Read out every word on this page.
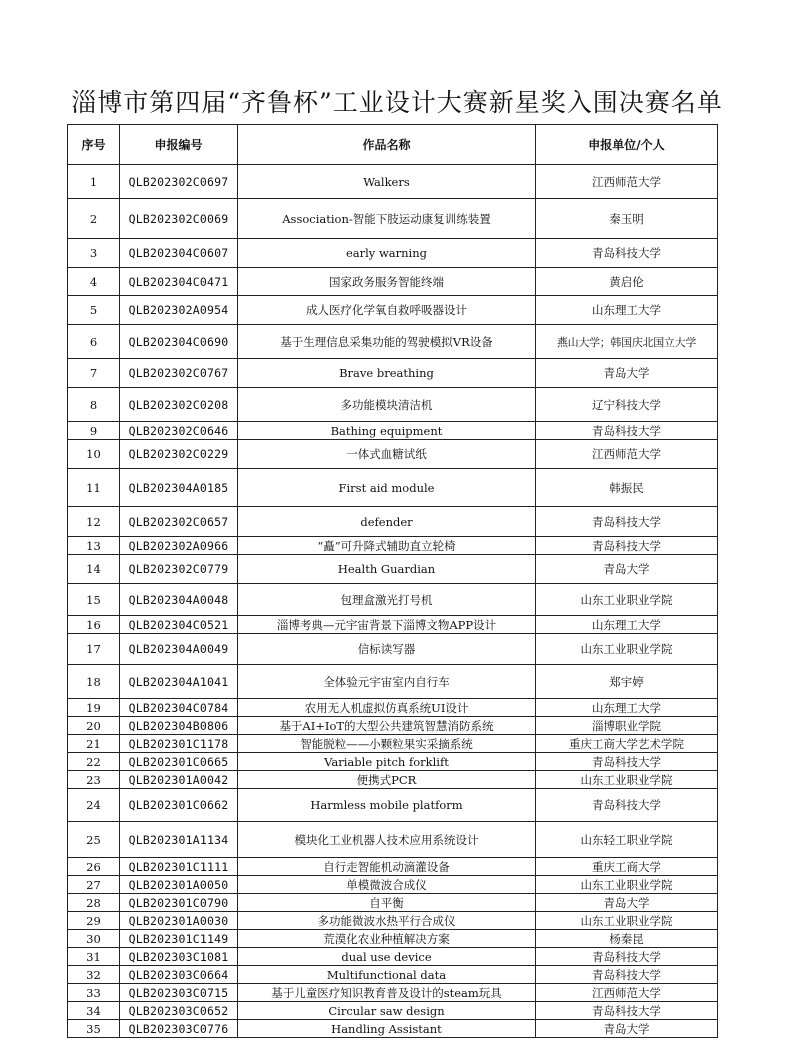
淄博市第四届“齐鲁杯”工业设计大赛新星奖入围决赛名单
序号	申报编号	作品名称	申报单位/个人
1	QLB202302C0697	Walkers	江西师范大学
2	QLB202302C0069	Association-智能下肢运动康复训练装置	秦玉明
3	QLB202304C0607	early warning	青岛科技大学
4	QLB202304C0471	国家政务服务智能终端	黄启伦
5	QLB202302A0954	成人医疗化学氧自救呼吸器设计	山东理工大学
6	QLB202304C0690	基于生理信息采集功能的驾驶模拟VR设备	燕山大学；韩国庆北国立大学
7	QLB202302C0767	Brave breathing	青岛大学
8	QLB202302C0208	多功能模块清洁机	辽宁科技大学
9	QLB202302C0646	Bathing equipment	青岛科技大学
10	QLB202302C0229	一体式血糖试纸	江西师范大学
11	QLB202304A0185	First aid module	韩振民
12	QLB202302C0657	defender	青岛科技大学
13	QLB202302A0966	“矗”可升降式辅助直立轮椅	青岛科技大学
14	QLB202302C0779	Health Guardian	青岛大学
15	QLB202304A0048	包理盒激光打号机	山东工业职业学院
16	QLB202304C0521	淄博考典—元宇宙背景下淄博文物APP设计	山东理工大学
17	QLB202304A0049	信标读写器	山东工业职业学院
18	QLB202304A1041	全体验元宇宙室内自行车	郑宇婷
19	QLB202304C0784	农用无人机虚拟仿真系统UI设计	山东理工大学
20	QLB202304B0806	基于AI+IoT的大型公共建筑智慧消防系统	淄博职业学院
21	QLB202301C1178	智能脱粒——小颗粒果实采摘系统	重庆工商大学艺术学院
22	QLB202301C0665	Variable pitch forklift	青岛科技大学
23	QLB202301A0042	便携式PCR	山东工业职业学院
24	QLB202301C0662	Harmless mobile platform	青岛科技大学
25	QLB202301A1134	模块化工业机器人技术应用系统设计	山东轻工职业学院
26	QLB202301C1111	自行走智能机动滴灌设备	重庆工商大学
27	QLB202301A0050	单模微波合成仪	山东工业职业学院
28	QLB202301C0790	自平衡	青岛大学
29	QLB202301A0030	多功能微波水热平行合成仪	山东工业职业学院
30	QLB202301C1149	荒漠化农业种植解决方案	杨秦昆
31	QLB202303C1081	dual use device	青岛科技大学
32	QLB202303C0664	Multifunctional data	青岛科技大学
33	QLB202303C0715	基于儿童医疗知识教育普及设计的steam玩具	江西师范大学
34	QLB202303C0652	Circular saw design	青岛科技大学
35	QLB202303C0776	Handling Assistant	青岛大学
